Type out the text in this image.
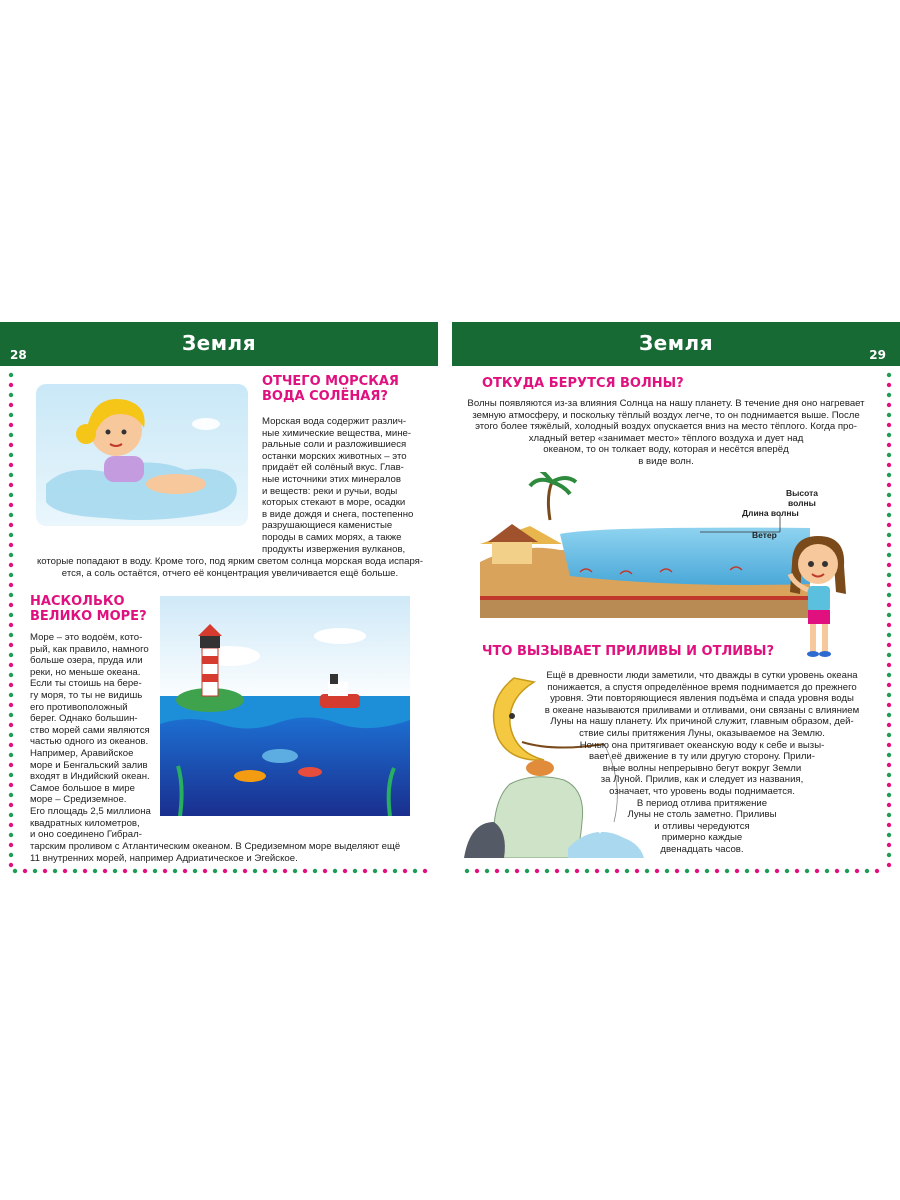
28	Земля
ОТЧЕГО МОРСКАЯ
ВОДА СОЛЁНАЯ?
Морская вода содержит различ-
ные химические вещества, мине-
ральные соли и разложившиеся
останки морских животных – это
придаёт ей солёный вкус. Глав-
ные источники этих минералов
и веществ: реки и ручьи, воды
которых стекают в море, осадки
в виде дождя и снега, постепенно
разрушающиеся каменистые
породы в самих морях, а также
продукты извержения вулканов,
которые попадают в воду. Кроме того, под ярким светом солнца морская вода испаря-
ется, а соль остаётся, отчего её концентрация увеличивается ещё больше.
НАСКОЛЬКО
ВЕЛИКО МОРЕ?
Море – это водоём, кото-
рый, как правило, намного
больше озера, пруда или
реки, но меньше океана.
Если ты стоишь на бере-
гу моря, то ты не видишь
его противоположный
берег. Однако большин-
ство морей сами являются
частью одного из океанов.
Например, Аравийское
море и Бенгальский залив
входят в Индийский океан.
Самое большое в мире
море – Средиземное.
Его площадь 2,5 миллиона
квадратных километров,
и оно соединено Гибрал-
тарским проливом с Атлантическим океаном. В Средиземном море выделяют ещё
11 внутренних морей, например Адриатическое и Эгейское.
Земля	29
ОТКУДА БЕРУТСЯ ВОЛНЫ?
Волны появляются из-за влияния Солнца на нашу планету. В течение дня оно нагревает
земную атмосферу, и поскольку тёплый воздух легче, то он поднимается выше. После
этого более тяжёлый, холодный воздух опускается вниз на место тёплого. Когда про-
хладный ветер «занимает место» тёплого воздуха и дует над
океаном, то он толкает воду, которая и несётся вперёд
в виде волн.
Высота
волны
Длина волны
Ветер
ЧТО ВЫЗЫВАЕТ ПРИЛИВЫ И ОТЛИВЫ?
Ещё в древности люди заметили, что дважды в сутки уровень океана
понижается, а спустя определённое время поднимается до прежнего
уровня. Эти повторяющиеся явления подъёма и спада уровня воды
в океане называются приливами и отливами, они связаны с влиянием
Луны на нашу планету. Их причиной служит, главным образом, дей-
ствие силы притяжения Луны, оказываемое на Землю.
Ночью она притягивает океанскую воду к себе и вызы-
вает её движение в ту или другую сторону. Прили-
вные волны непрерывно бегут вокруг Земли
за Луной. Прилив, как и следует из названия,
означает, что уровень воды поднимается.
В период отлива притяжение
Луны не столь заметно. Приливы
и отливы чередуются
примерно каждые
двенадцать часов.
